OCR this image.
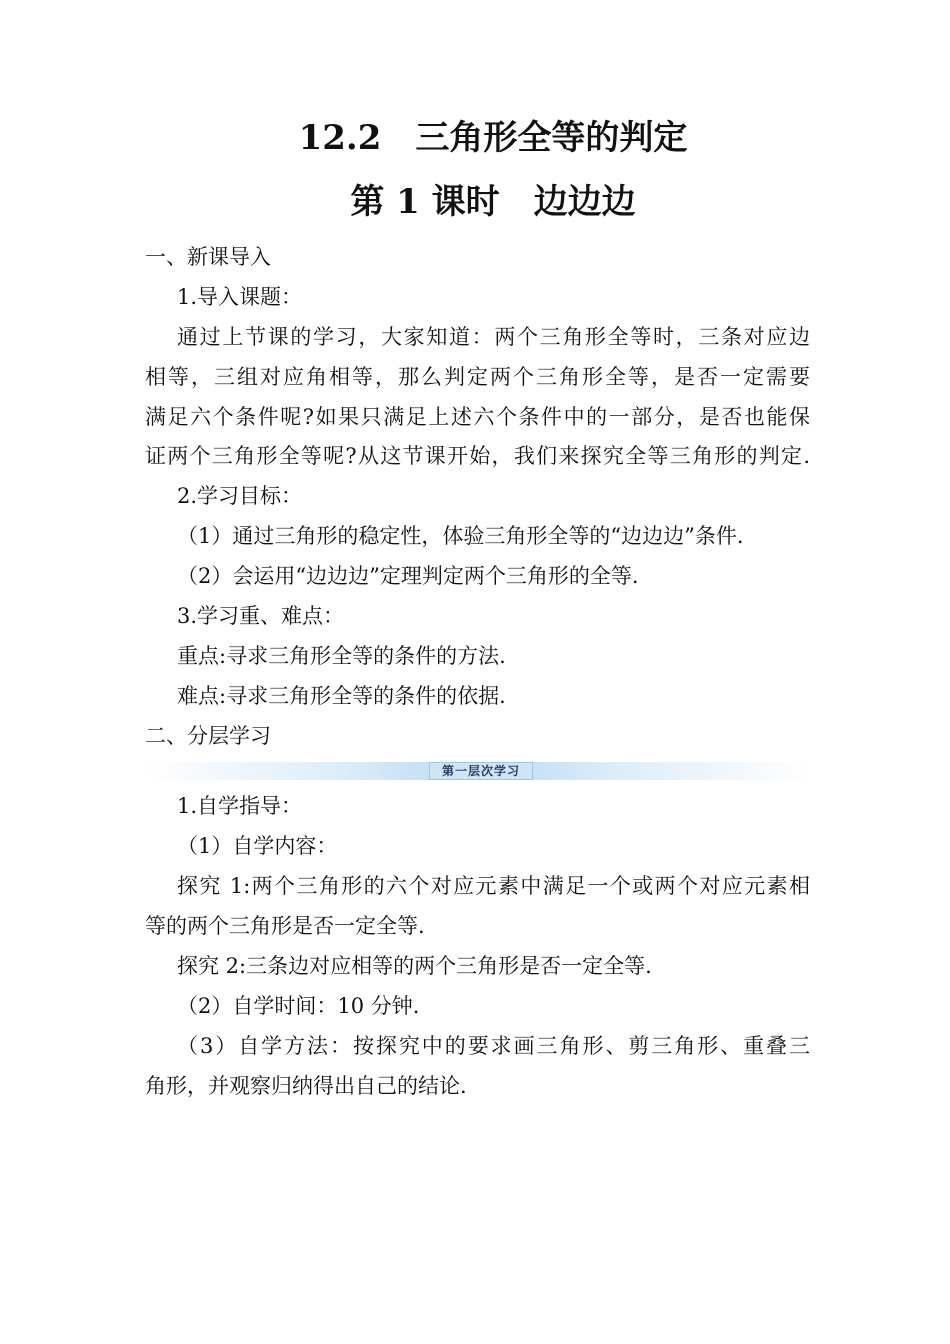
12.2　三角形全等的判定
第 1 课时　边边边
一、新课导入
1.导入课题：
通过上节课的学习，大家知道：两个三角形全等时，三条对应边
相等，三组对应角相等，那么判定两个三角形全等，是否一定需要
满足六个条件呢?如果只满足上述六个条件中的一部分，是否也能保
证两个三角形全等呢?从这节课开始，我们来探究全等三角形的判定.
2.学习目标：
（1）通过三角形的稳定性，体验三角形全等的“边边边”条件.
（2）会运用“边边边”定理判定两个三角形的全等.
3.学习重、难点：
重点:寻求三角形全等的条件的方法.
难点:寻求三角形全等的条件的依据.
二、分层学习
第一层次学习
1.自学指导：
（1）自学内容：
探究 1:两个三角形的六个对应元素中满足一个或两个对应元素相
等的两个三角形是否一定全等.
探究 2:三条边对应相等的两个三角形是否一定全等.
（2）自学时间：10 分钟.
（3）自学方法：按探究中的要求画三角形、剪三角形、重叠三
角形，并观察归纳得出自己的结论.
